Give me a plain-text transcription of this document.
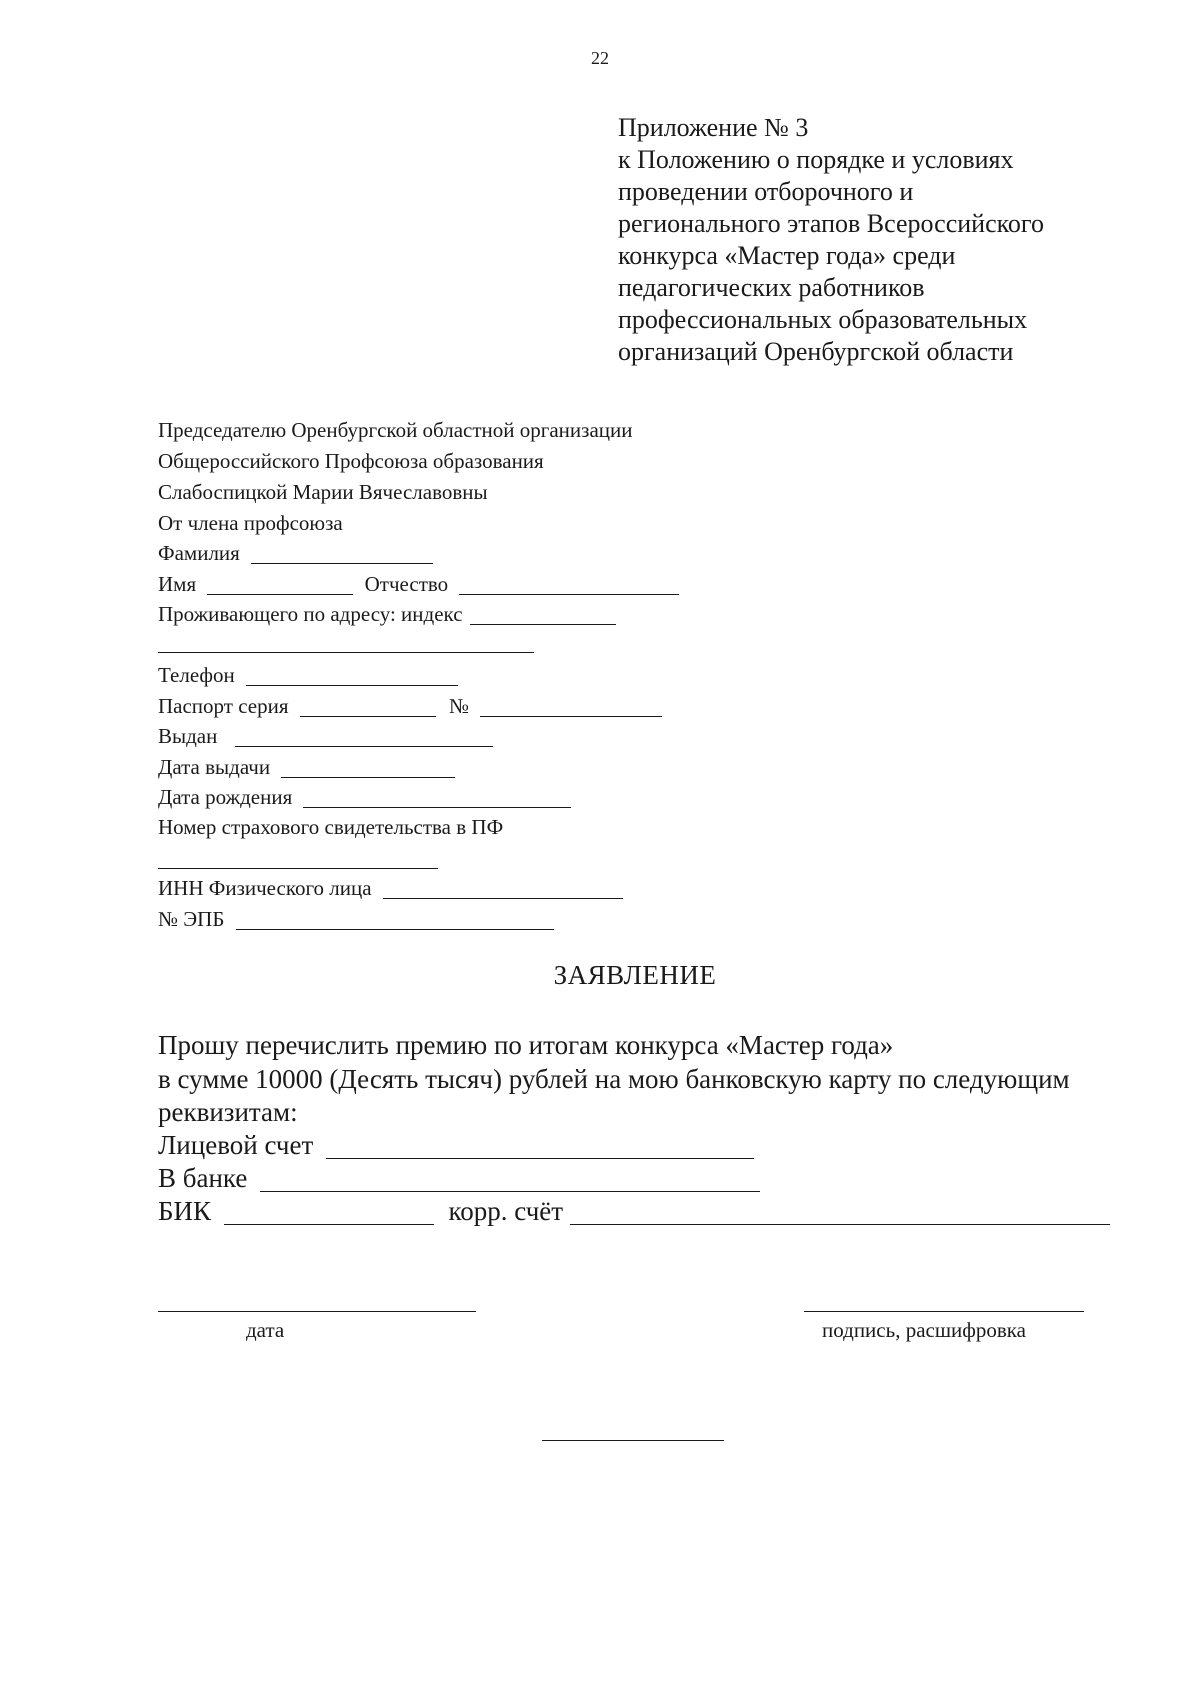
22
Приложение № 3
к Положению о порядке и условиях
проведении отборочного и
регионального этапов Всероссийского
конкурса «Мастер года» среди
педагогических работников
профессиональных образовательных
организаций Оренбургской области
Председателю Оренбургской областной организации
Общероссийского Профсоюза образования
Слабоспицкой Марии Вячеславовны
От члена профсоюза
Фамилия
Имя	Отчество
Проживающего по адресу: индекс
Телефон
Паспорт серия	№
Выдан
Дата выдачи
Дата рождения
Номер страхового свидетельства в ПФ
ИНН Физического лица
№ ЭПБ
ЗАЯВЛЕНИЕ
Прошу перечислить премию по итогам конкурса «Мастер года»
в сумме 10000 (Десять тысяч) рублей на мою банковскую карту по следующим
реквизитам:
Лицевой счет
В банке
БИК	корр. счёт
дата	подпись, расшифровка
